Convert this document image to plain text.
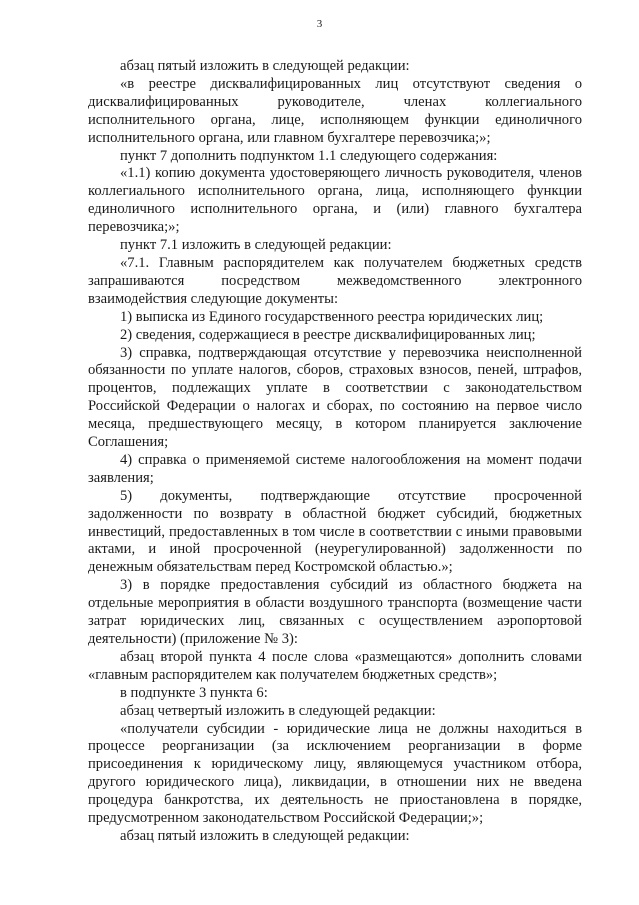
3

абзац пятый изложить в следующей редакции:

«в реестре дисквалифицированных лиц отсутствуют сведения о дисквалифицированных руководителе, членах коллегиального исполнительного органа, лице, исполняющем функции единоличного исполнительного органа, или главном бухгалтере перевозчика;»;

пункт 7 дополнить подпунктом 1.1 следующего содержания:

«1.1) копию документа удостоверяющего личность руководителя, членов коллегиального исполнительного органа, лица, исполняющего функции единоличного исполнительного органа, и (или) главного бухгалтера перевозчика;»;

пункт 7.1 изложить в следующей редакции:

«7.1. Главным распорядителем как получателем бюджетных средств запрашиваются посредством межведомственного электронного взаимодействия следующие документы:

1) выписка из Единого государственного реестра юридических лиц;

2) сведения, содержащиеся в реестре дисквалифицированных лиц;

3) справка, подтверждающая отсутствие у перевозчика неисполненной обязанности по уплате налогов, сборов, страховых взносов, пеней, штрафов, процентов, подлежащих уплате в соответствии с законодательством Российской Федерации о налогах и сборах, по состоянию на первое число месяца, предшествующего месяцу, в котором планируется заключение Соглашения;

4) справка о применяемой системе налогообложения на момент подачи заявления;

5) документы, подтверждающие отсутствие просроченной задолженности по возврату в областной бюджет субсидий, бюджетных инвестиций, предоставленных в том числе в соответствии с иными правовыми актами, и иной просроченной (неурегулированной) задолженности по денежным обязательствам перед Костромской областью.»;

3) в порядке предоставления субсидий из областного бюджета на отдельные мероприятия в области воздушного транспорта (возмещение части затрат юридических лиц, связанных с осуществлением аэропортовой деятельности) (приложение № 3):

абзац второй пункта 4 после слова «размещаются» дополнить словами «главным распорядителем как получателем бюджетных средств»;

в подпункте 3 пункта 6:

абзац четвертый изложить в следующей редакции:

«получатели субсидии - юридические лица не должны находиться в процессе реорганизации (за исключением реорганизации в форме присоединения к юридическому лицу, являющемуся участником отбора, другого юридического лица), ликвидации, в отношении них не введена процедура банкротства, их деятельность не приостановлена в порядке, предусмотренном законодательством Российской Федерации;»;

абзац пятый изложить в следующей редакции:
